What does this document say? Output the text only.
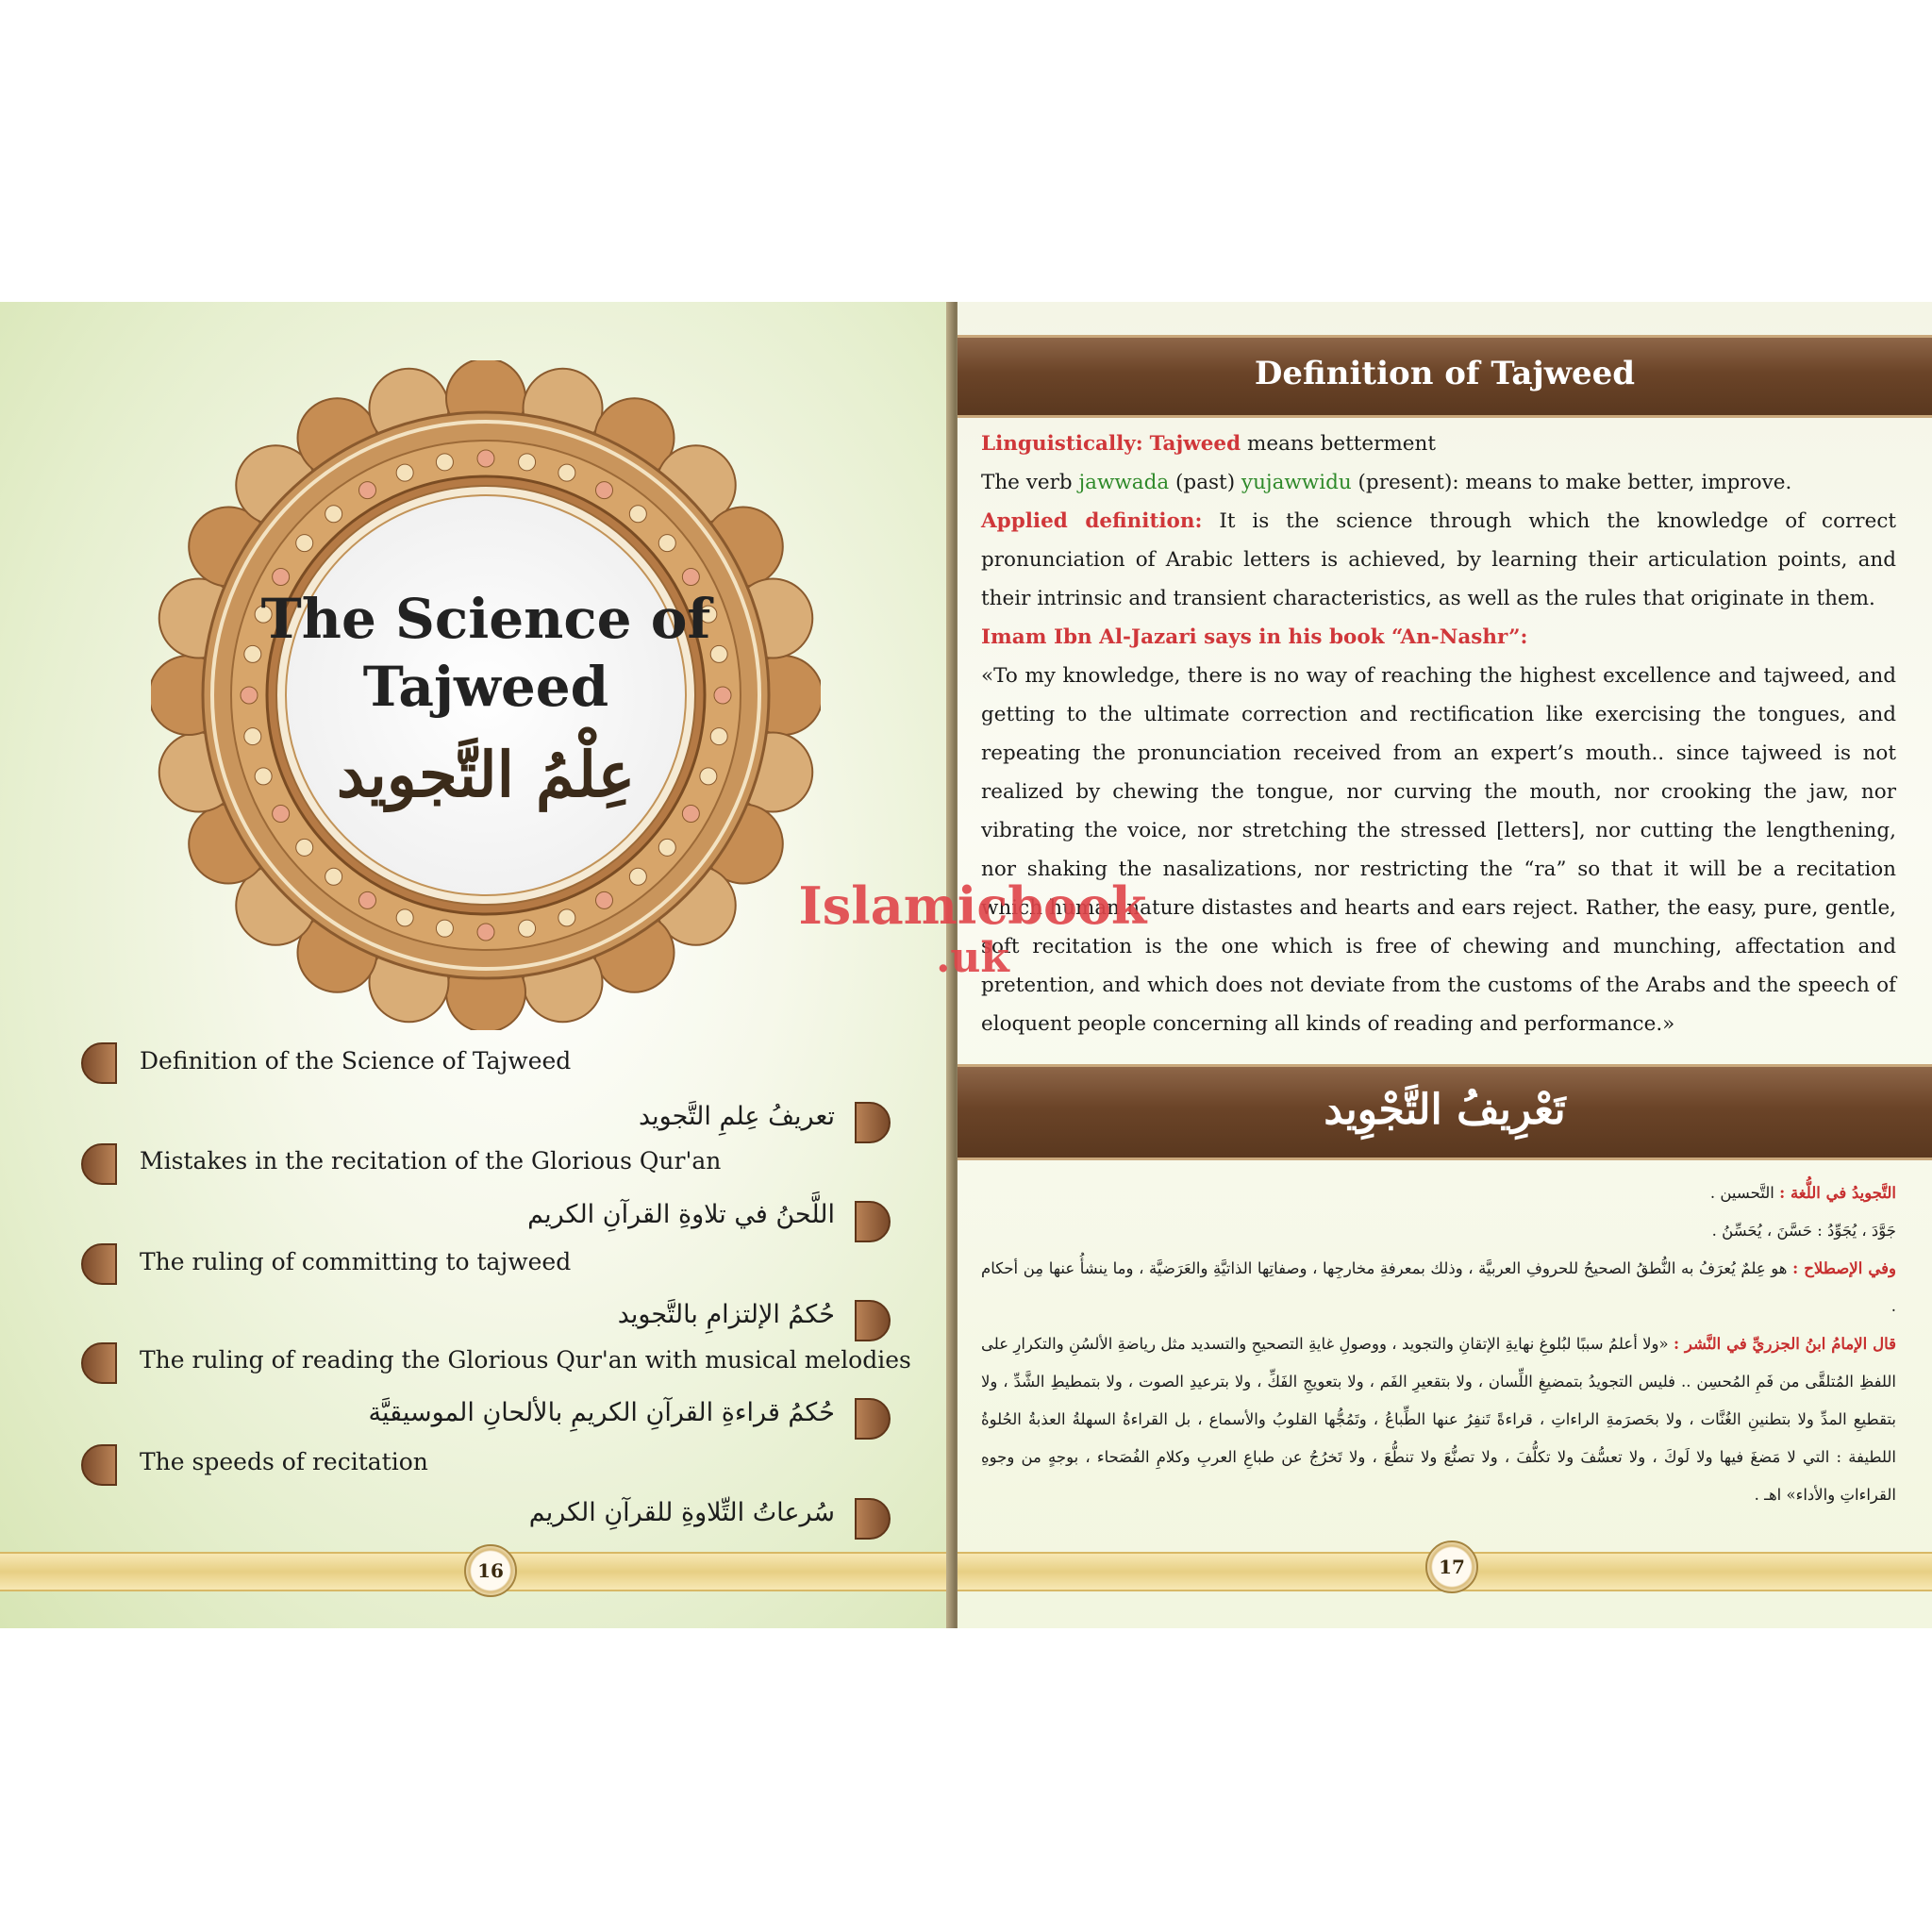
The Science of Tajweed
عِلْمُ التَّجويد
Definition of the Science of Tajweed
تعريفُ عِلمِ التَّجويد
Mistakes in the recitation of the Glorious Qur'an
اللَّحنُ في تلاوةِ القرآنِ الكريم
The ruling of committing to tajweed
حُكمُ الإلتزامِ بالتَّجويد
The ruling of reading the Glorious Qur'an with musical melodies
حُكمُ قراءةِ القرآنِ الكريمِ بالألحانِ الموسيقيَّة
The speeds of recitation
سُرعاتُ التِّلاوةِ للقرآنِ الكريم
16
Definition of Tajweed

Linguistically: Tajweed means betterment

The verb jawwada (past) yujawwidu (present): means to make better, improve.

Applied definition: It is the science through which the knowledge of correct pronunciation of Arabic letters is achieved, by learning their articulation points, and their intrinsic and transient characteristics, as well as the rules that originate in them.

Imam Ibn Al-Jazari says in his book “An-Nashr”:

«To my knowledge, there is no way of reaching the highest excellence and tajweed, and getting to the ultimate correction and rectification like exercising the tongues, and repeating the pronunciation received from an expert’s mouth.. since tajweed is not realized by chewing the tongue, nor curving the mouth, nor crooking the jaw, nor vibrating the voice, nor stretching the stressed [letters], nor cutting the lengthening, nor shaking the nasalizations, nor restricting the “ra” so that it will be a recitation which human nature distastes and hearts and ears reject. Rather, the easy, pure, gentle, soft recitation is the one which is free of chewing and munching, affectation and pretention, and which does not deviate from the customs of the Arabs and the speech of eloquent people concerning all kinds of reading and performance.»

تَعْرِيفُ التَّجْوِيد

التَّجويدُ في اللُّغة : التَّحسين .

جَوَّدَ ، يُجَوِّدُ : حَسَّنَ ، يُحَسِّنُ .

وفي الإصطلاح : هو عِلمٌ يُعرَفُ به النُّطقُ الصحيحُ للحروفِ العربيَّة ، وذلك بمعرفةِ مخارجِها ، وصفاتِها الذاتيَّةِ والعَرَضيَّة ، وما ينشأُ عنها مِن أحكام .

قال الإمامُ ابنُ الجزريِّ في النَّشر : «ولا أعلمُ سببًا لبُلوغِ نهايةِ الإتقانِ والتجويد ، ووصولِ غايةِ التصحيحِ والتسديد مثل رياضةِ الألسُنِ والتكرارِ على اللفظِ المُتلقَّى من فَمِ المُحسِن .. فليس التجويدُ بتمضيغِ اللِّسان ، ولا بتقعيرِ الفَم ، ولا بتعويجِ الفَكِّ ، ولا بترعيدِ الصوت ، ولا بتمطيطِ الشَّدِّ ، ولا بتقطيعِ المدِّ ولا بتطنينِ الغُنَّات ، ولا بحَصرَمةِ الراءاتِ ، قراءةً تَنفِرُ عنها الطِّباعُ ، وتَمُجُّها القلوبُ والأسماع ، بل القراءةُ السهلةُ العذبةُ الحُلوةُ اللطيفة : التي لا مَضغَ فيها ولا لَوكَ ، ولا تعسُّفَ ولا تكلُّفَ ، ولا تصنُّعَ ولا تنطُّعَ ، ولا تَخرُجُ عن طباعِ العربِ وكلامِ الفُصَحاء ، بوجهٍ من وجوهِ القراءاتِ والأداء» اهـ .

17
Islamicbook
.uk
